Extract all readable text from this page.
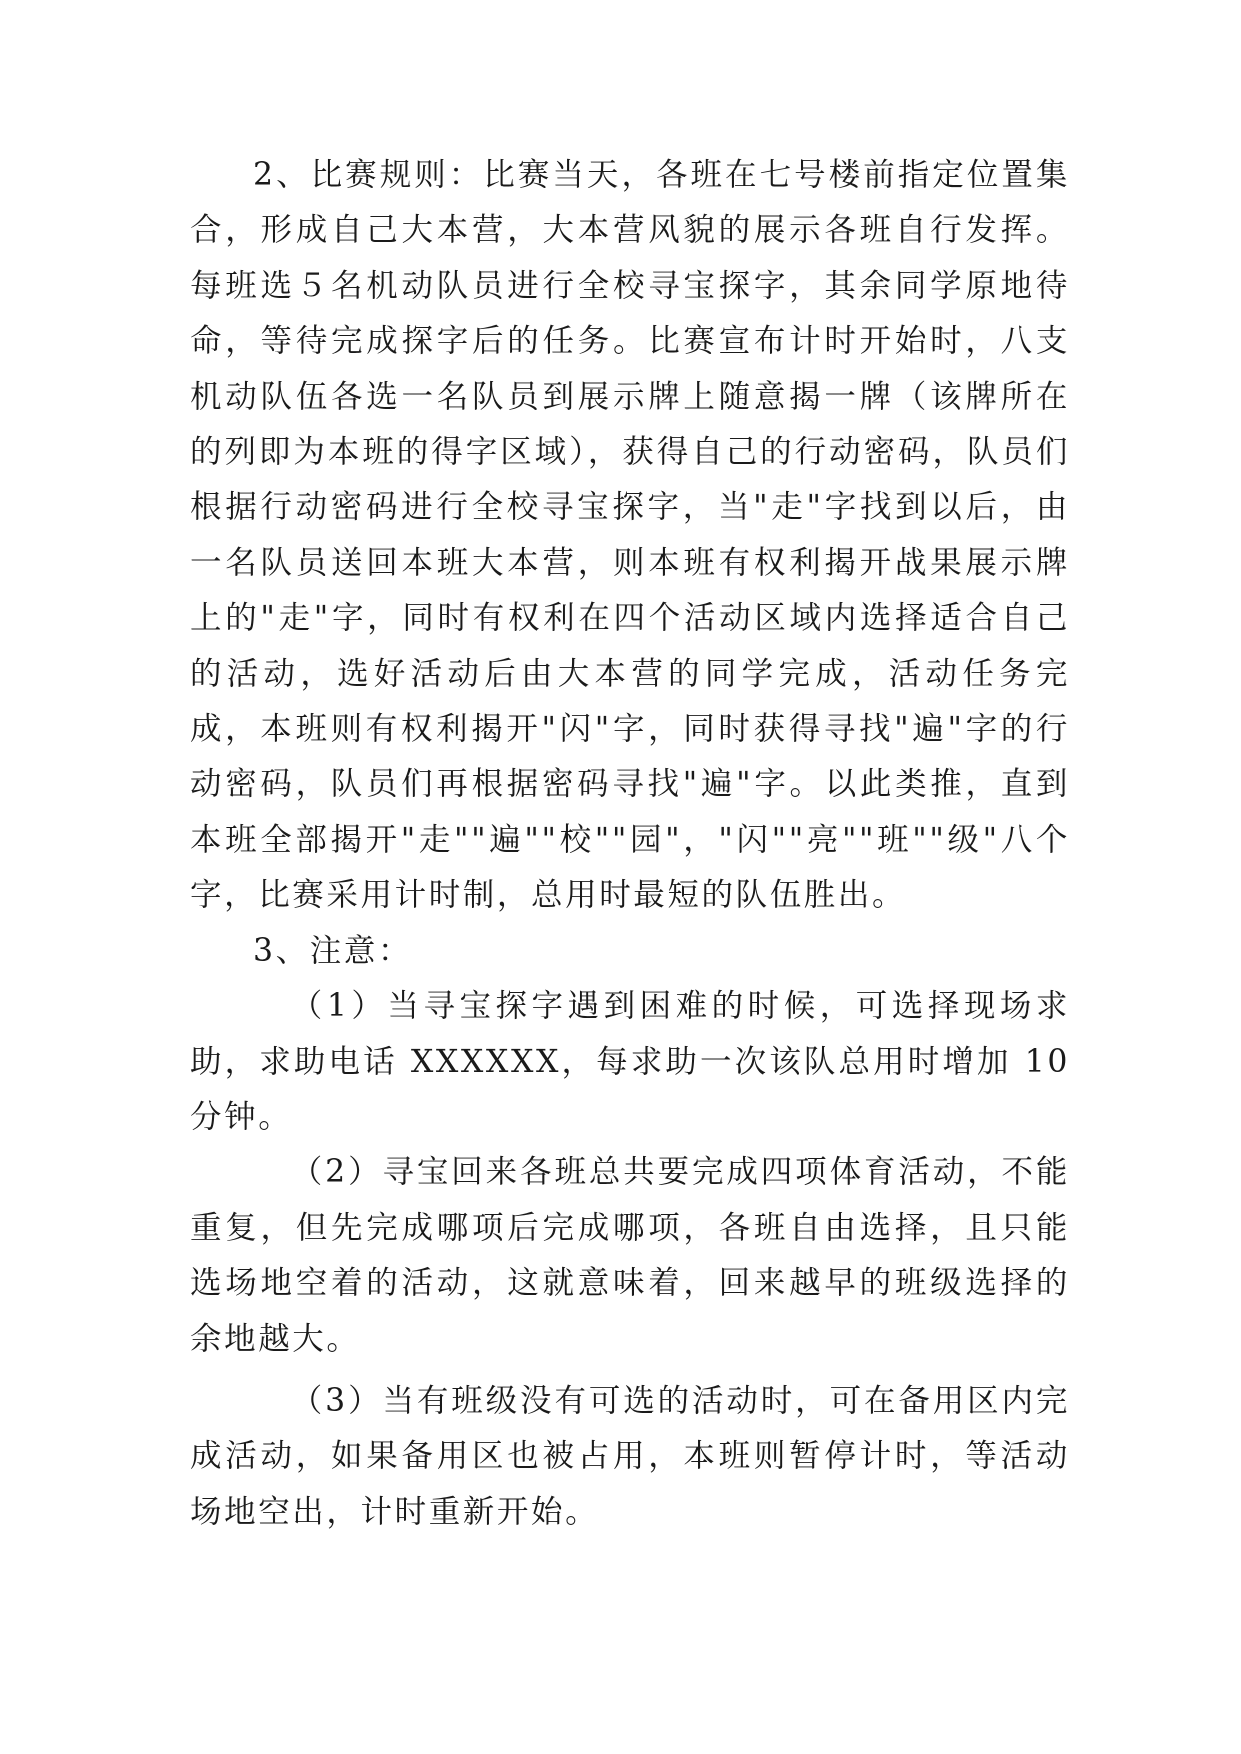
2、比赛规则：比赛当天，各班在七号楼前指定位置集合，形成自己大本营，大本营风貌的展示各班自行发挥。每班选５名机动队员进行全校寻宝探字，其余同学原地待命，等待完成探字后的任务。比赛宣布计时开始时，八支机动队伍各选一名队员到展示牌上随意揭一牌（该牌所在的列即为本班的得字区域），获得自己的行动密码，队员们根据行动密码进行全校寻宝探字，当"走"字找到以后，由一名队员送回本班大本营，则本班有权利揭开战果展示牌上的"走"字，同时有权利在四个活动区域内选择适合自己的活动，选好活动后由大本营的同学完成，活动任务完成，本班则有权利揭开"闪"字，同时获得寻找"遍"字的行动密码，队员们再根据密码寻找"遍"字。以此类推，直到本班全部揭开"走""遍""校""园"，"闪""亮""班""级"八个字，比赛采用计时制，总用时最短的队伍胜出。

3、注意：

（1）当寻宝探字遇到困难的时候，可选择现场求助，求助电话 XXXXXX，每求助一次该队总用时增加 10 分钟。

（2）寻宝回来各班总共要完成四项体育活动，不能重复，但先完成哪项后完成哪项，各班自由选择，且只能选场地空着的活动，这就意味着，回来越早的班级选择的余地越大。

（3）当有班级没有可选的活动时，可在备用区内完成活动，如果备用区也被占用，本班则暂停计时，等活动场地空出，计时重新开始。
